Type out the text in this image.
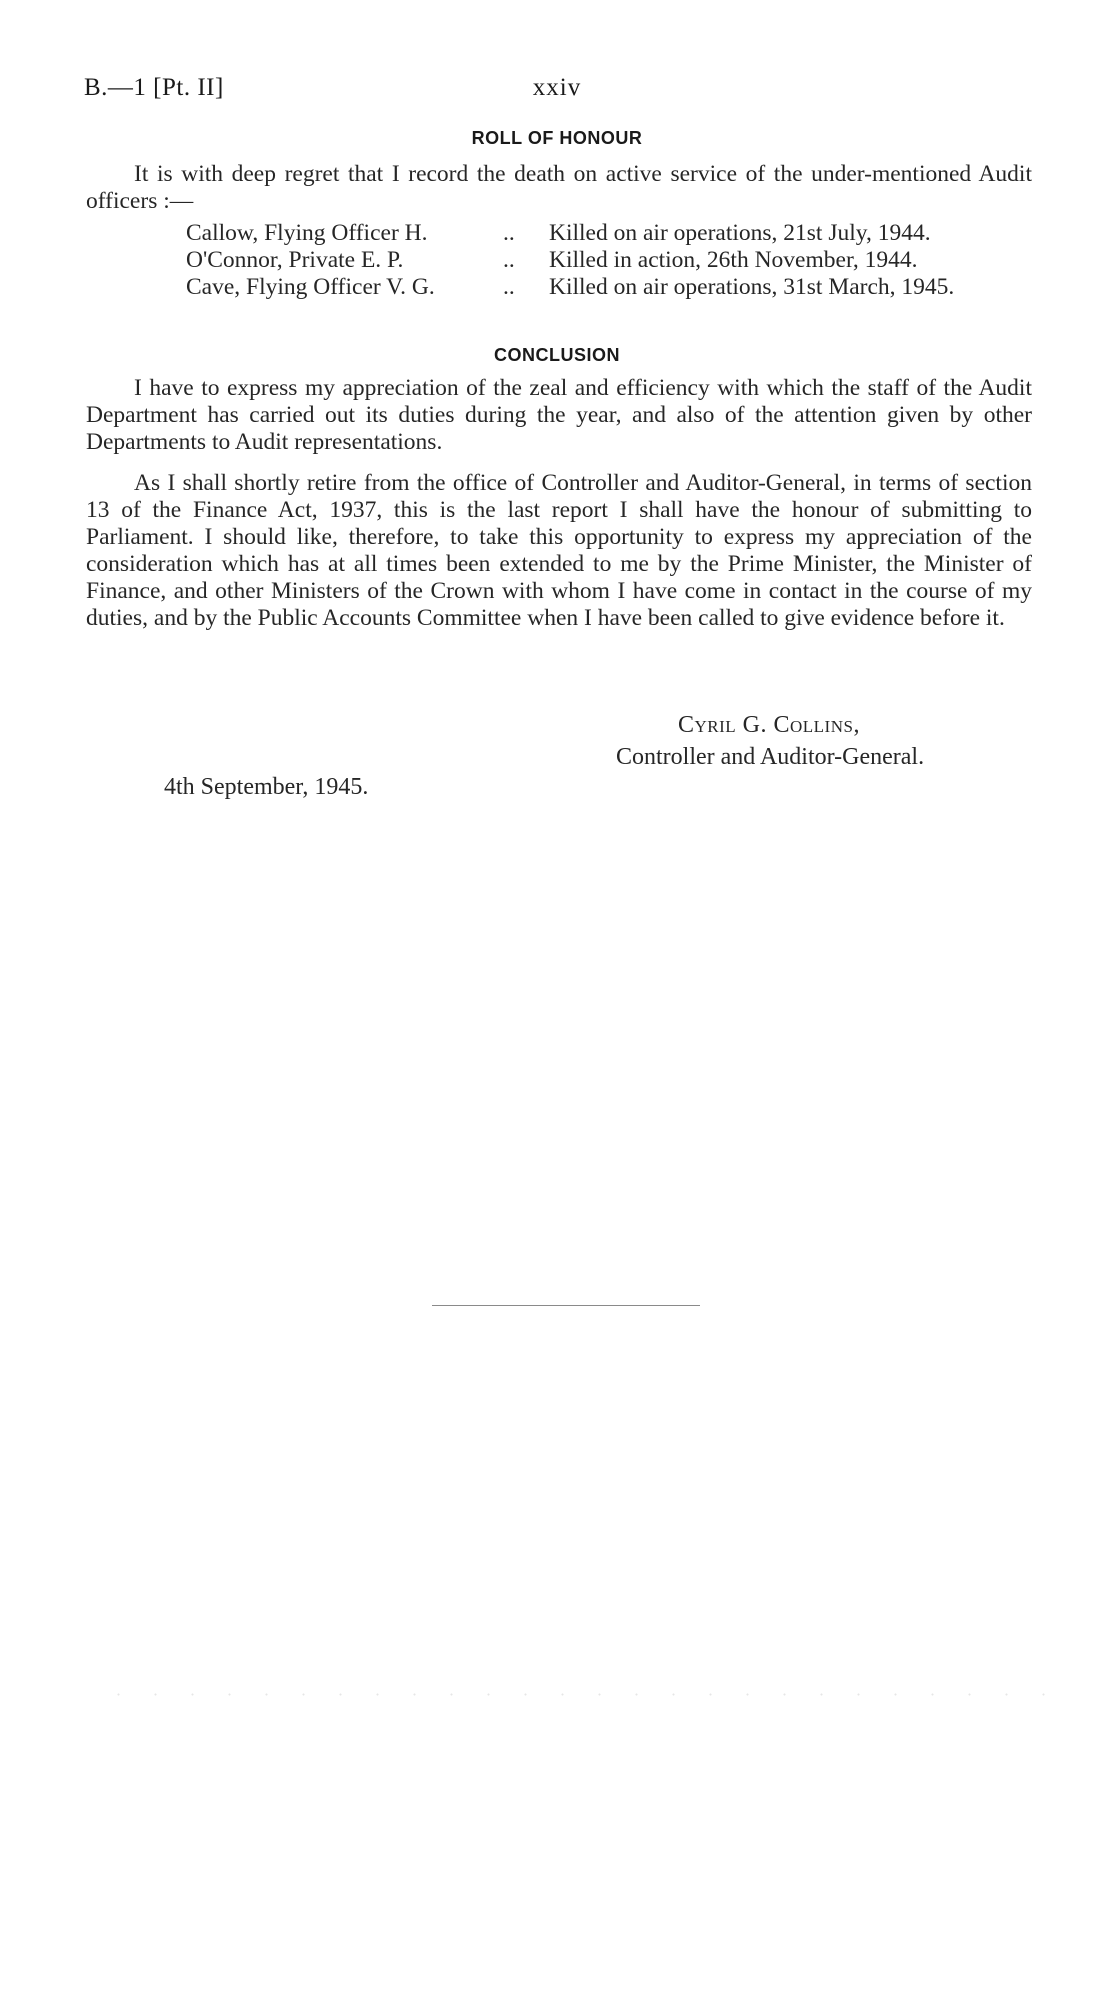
B.—1 [Pt. II]	xxiv
ROLL OF HONOUR

It is with deep regret that I record the death on active service of the under-mentioned Audit officers :—

Callow, Flying Officer H.	.. Killed on air operations, 21st July, 1944.
O'Connor, Private E. P.	.. Killed in action, 26th November, 1944.
Cave, Flying Officer V. G.	.. Killed on air operations, 31st March, 1945.
CONCLUSION

I have to express my appreciation of the zeal and efficiency with which the staff of the Audit Department has carried out its duties during the year, and also of the attention given by other Departments to Audit representations.

As I shall shortly retire from the office of Controller and Auditor-General, in terms of section 13 of the Finance Act, 1937, this is the last report I shall have the honour of submitting to Parliament. I should like, therefore, to take this opportunity to express my appreciation of the consideration which has at all times been extended to me by the Prime Minister, the Minister of Finance, and other Ministers of the Crown with whom I have come in contact in the course of my duties, and by the Public Accounts Committee when I have been called to give evidence before it.

Cyril G. Collins,
Controller and Auditor-General.
4th September, 1945.
